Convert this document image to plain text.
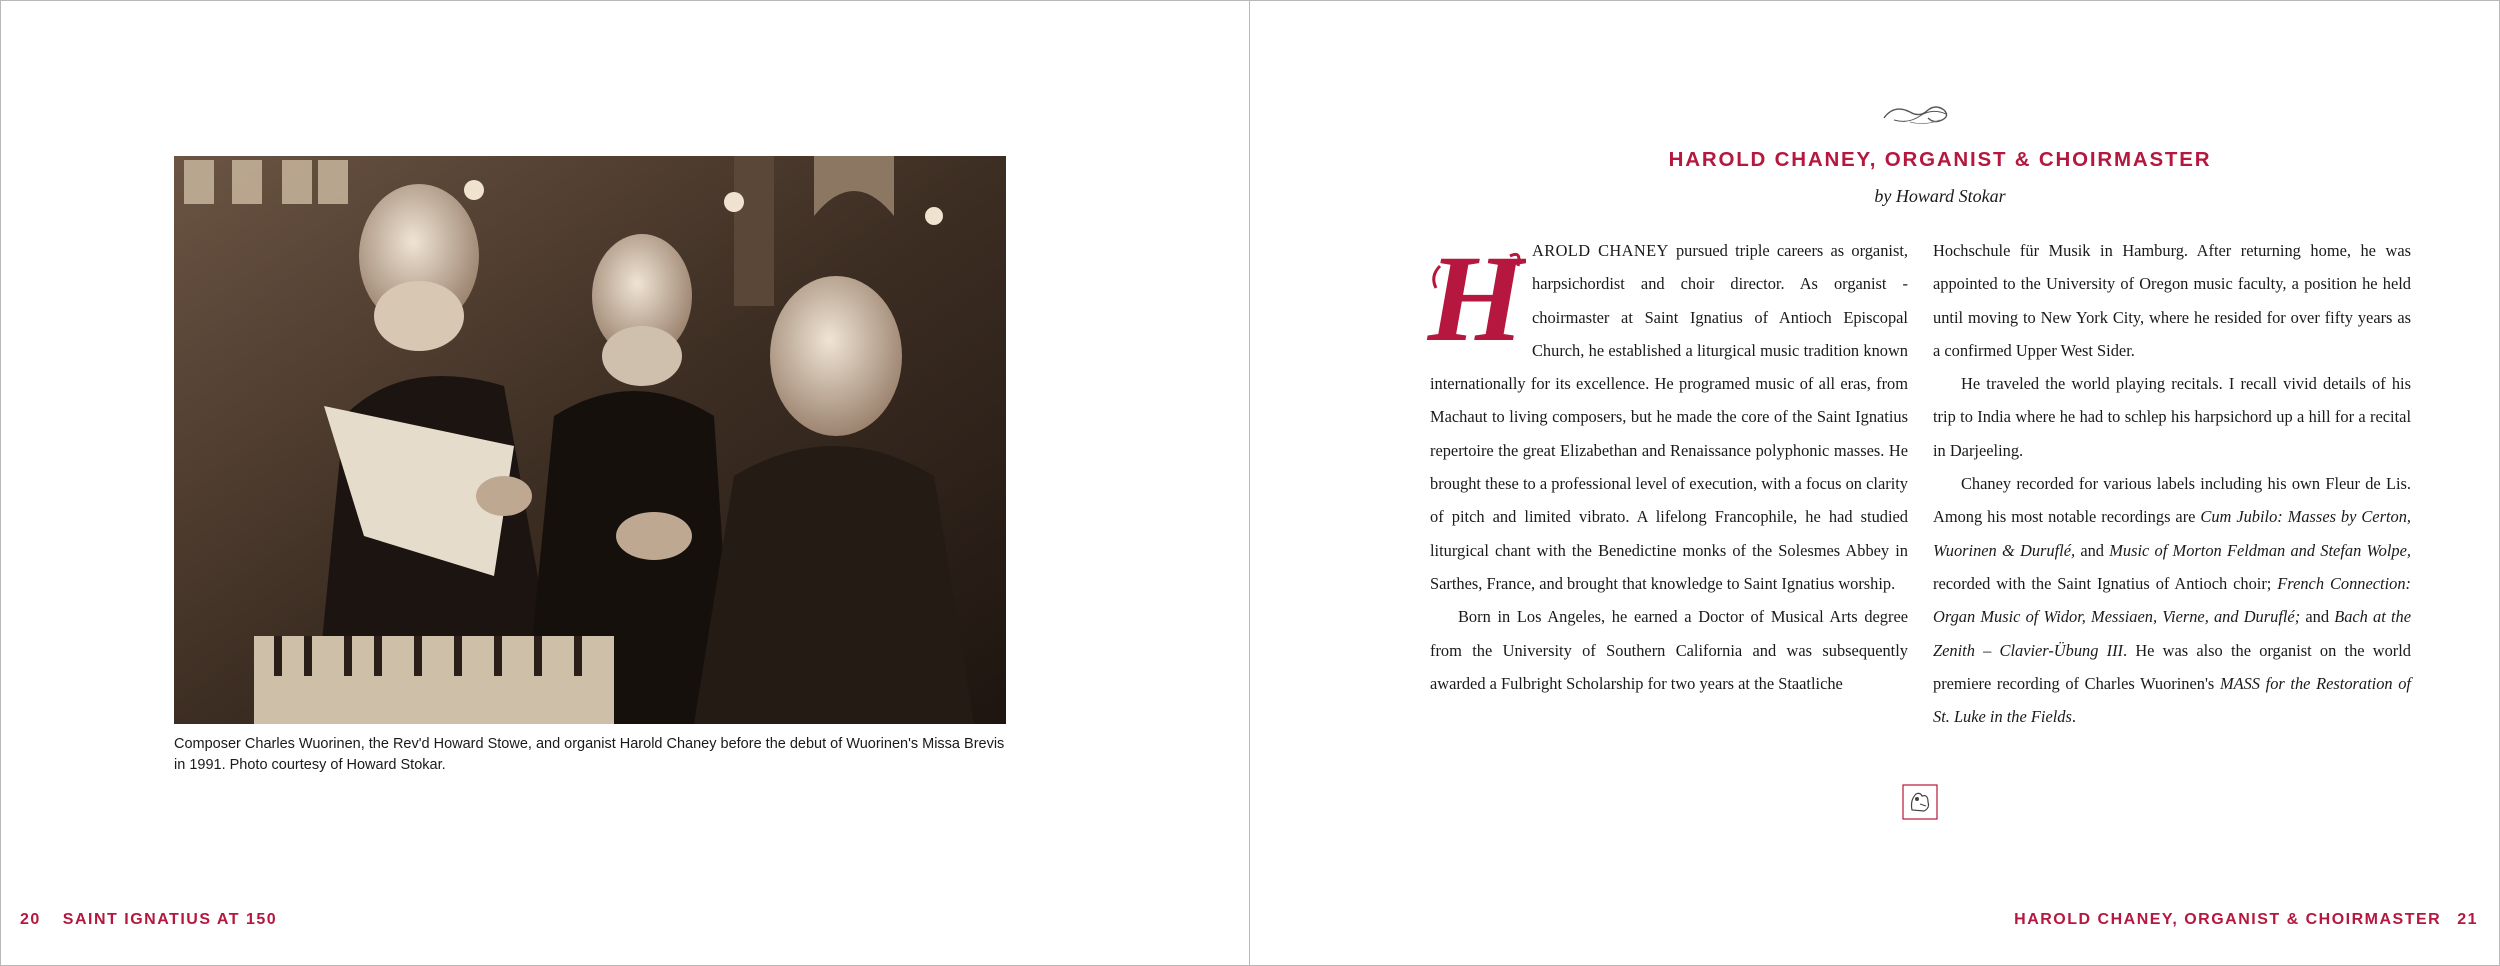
Composer Charles Wuorinen, the Rev'd Howard Stowe, and organist Harold Chaney before the debut of Wuorinen's Missa Brevis in 1991. Photo courtesy of Howard Stokar.
20 SAINT IGNATIUS AT 150
HAROLD CHANEY, ORGANIST & CHOIRMASTER
by Howard Stokar

H AROLD CHANEY pursued triple careers as organist, harpsichordist and choir director. As organist - choirmaster at Saint Ignatius of Antioch Episcopal Church, he established a liturgical music tradition known internationally for its excellence. He programed music of all eras, from Machaut to living composers, but he made the core of the Saint Ignatius repertoire the great Elizabethan and Renaissance polyphonic masses. He brought these to a professional level of execution, with a focus on clarity of pitch and limited vibrato. A lifelong Francophile, he had studied liturgical chant with the Benedictine monks of the Solesmes Abbey in Sarthes, France, and brought that knowledge to Saint Ignatius worship.

Born in Los Angeles, he earned a Doctor of Musical Arts degree from the University of Southern California and was subsequently awarded a Fulbright Scholarship for two years at the Staatliche

Hochschule für Musik in Hamburg. After returning home, he was appointed to the University of Oregon music faculty, a position he held until moving to New York City, where he resided for over fifty years as a confirmed Upper West Sider.

He traveled the world playing recitals. I recall vivid details of his trip to India where he had to schlep his harpsichord up a hill for a recital in Darjeeling.

Chaney recorded for various labels including his own Fleur de Lis. Among his most notable recordings are Cum Jubilo: Masses by Certon, Wuorinen & Duruflé, and Music of Morton Feldman and Stefan Wolpe, recorded with the Saint Ignatius of Antioch choir; French Connection: Organ Music of Widor, Messiaen, Vierne, and Duruflé; and Bach at the Zenith – Clavier-Übung III. He was also the organist on the world premiere recording of Charles Wuorinen's MASS for the Restoration of St. Luke in the Fields.

HAROLD CHANEY, ORGANIST & CHOIRMASTER 21
